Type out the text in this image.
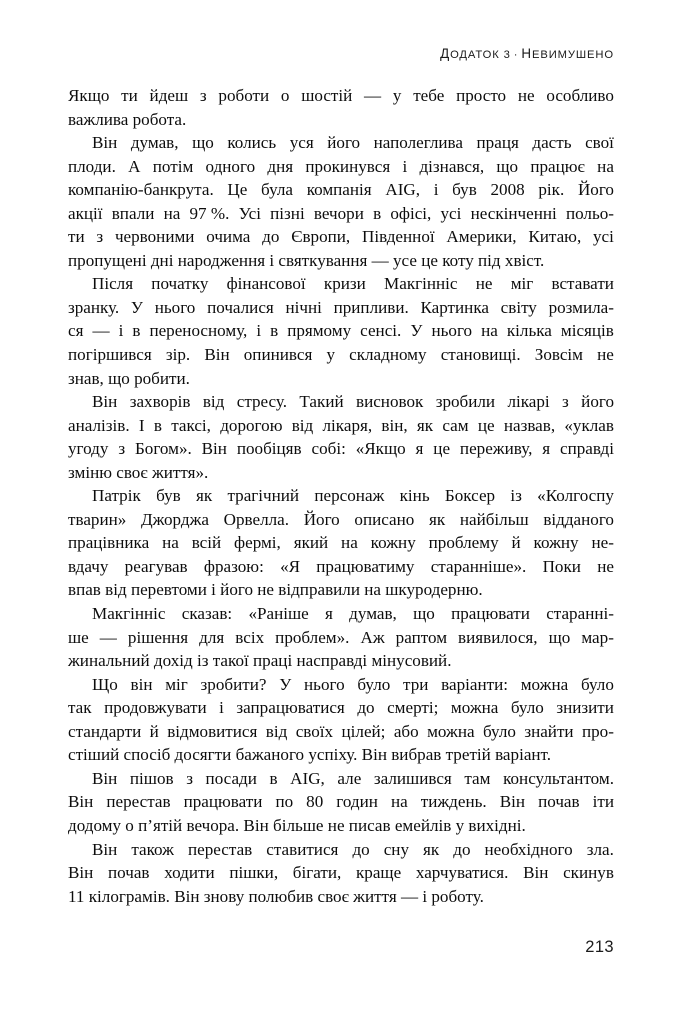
ДОДАТОК 3 · НЕВИМУШЕНО

Якщо ти йдеш з роботи о шостій — у тебе просто не особливо
важлива робота.

Він думав, що колись уся його наполеглива праця дасть свої
плоди. А потім одного дня прокинувся і дізнався, що працює на
компанію-банкрута. Це була компанія AIG, і був 2008 рік. Його
акції впали на 97 %. Усі пізні вечори в офісі, усі нескінченні польо-
ти з червоними очима до Європи, Південної Америки, Китаю, усі
пропущені дні народження і святкування — усе це коту під хвіст.

Після початку фінансової кризи Макгінніс не міг вставати
зранку. У нього почалися нічні припливи. Картинка світу розмила-
ся — і в переносному, і в прямому сенсі. У нього на кілька місяців
погіршився зір. Він опинився у складному становищі. Зовсім не
знав, що робити.

Він захворів від стресу. Такий висновок зробили лікарі з його
аналізів. І в таксі, дорогою від лікаря, він, як сам це назвав, «уклав
угоду з Богом». Він пообіцяв собі: «Якщо я це переживу, я справді
зміню своє життя».

Патрік був як трагічний персонаж кінь Боксер із «Колгоспу
тварин» Джорджа Орвелла. Його описано як найбільш відданого
працівника на всій фермі, який на кожну проблему й кожну не-
вдачу реагував фразою: «Я працюватиму старанніше». Поки не
впав від перевтоми і його не відправили на шкуродерню.

Макгінніс сказав: «Раніше я думав, що працювати старанні-
ше — рішення для всіх проблем». Аж раптом виявилося, що мар-
жинальний дохід із такої праці насправді мінусовий.

Що він міг зробити? У нього було три варіанти: можна було
так продовжувати і запрацюватися до смерті; можна було знизити
стандарти й відмовитися від своїх цілей; або можна було знайти про-
стіший спосіб досягти бажаного успіху. Він вибрав третій варіант.

Він пішов з посади в AIG, але залишився там консультантом.
Він перестав працювати по 80 годин на тиждень. Він почав іти
додому о п’ятій вечора. Він більше не писав емейлів у вихідні.

Він також перестав ставитися до сну як до необхідного зла.
Він почав ходити пішки, бігати, краще харчуватися. Він скинув
11 кілограмів. Він знову полюбив своє життя — і роботу.

213
